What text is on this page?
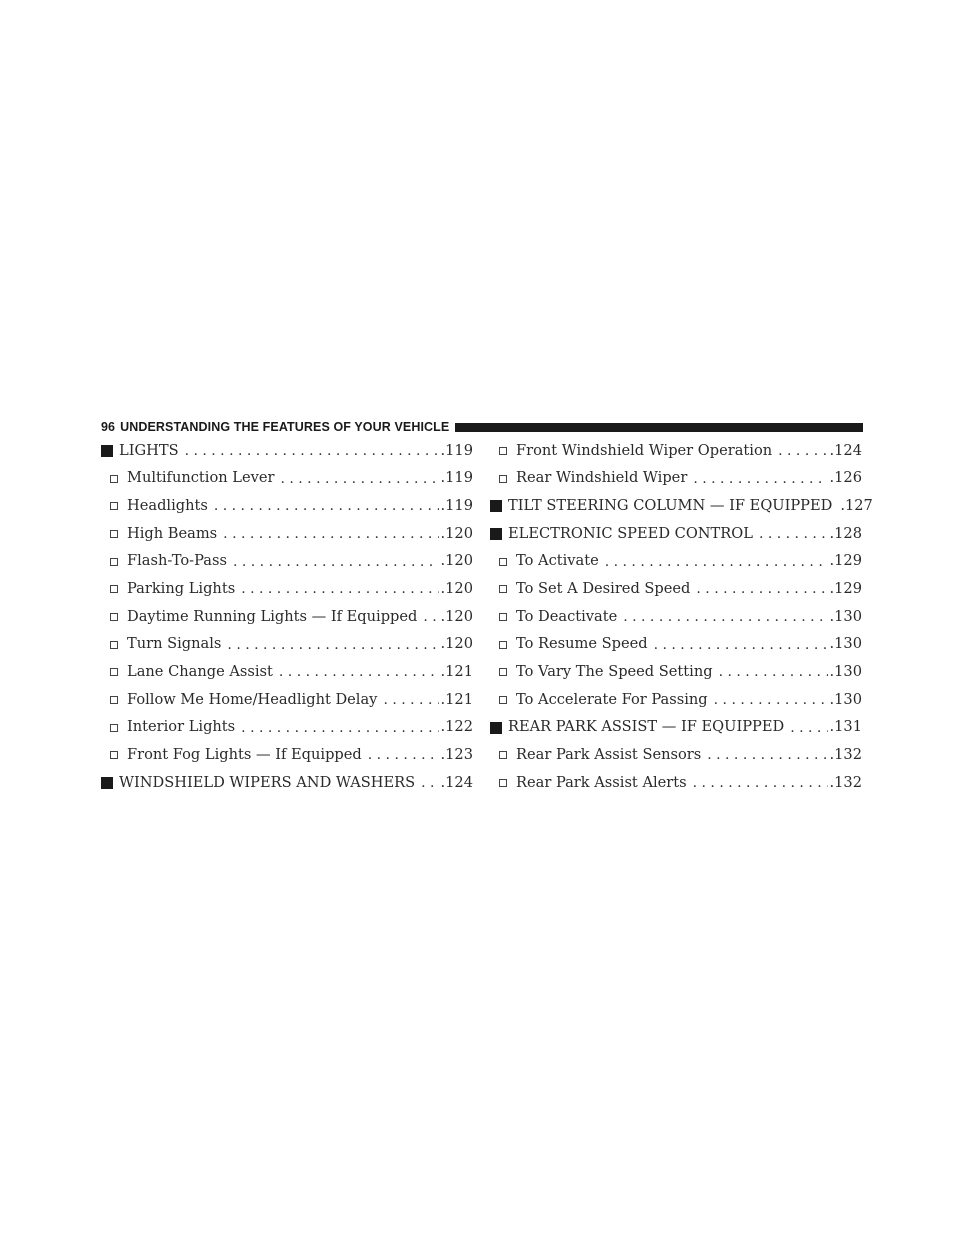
96 UNDERSTANDING THE FEATURES OF YOUR VEHICLE
LIGHTS . . .	.119
Multifunction Lever . . .	.119
Headlights . . .	.119
High Beams . . .	.120
Flash-To-Pass . . .	.120
Parking Lights . . .	.120
Daytime Running Lights — If Equipped . . . .120
Turn Signals . . .	.120
Lane Change Assist . . .	.121
Follow Me Home/Headlight Delay . . .	.121
Interior Lights . . .	.122
Front Fog Lights — If Equipped . . .	.123
WINDSHIELD WIPERS AND WASHERS . . . .124
Front Windshield Wiper Operation . . .	.124
Rear Windshield Wiper . . .	.126
TILT STEERING COLUMN — IF EQUIPPED .127
ELECTRONIC SPEED CONTROL . . .	.128
To Activate . . .	.129
To Set A Desired Speed . . .	.129
To Deactivate . . .	.130
To Resume Speed . . .	.130
To Vary The Speed Setting . . .	.130
To Accelerate For Passing . . .	.130
REAR PARK ASSIST — IF EQUIPPED . . .	.131
Rear Park Assist Sensors . . .	.132
Rear Park Assist Alerts . . .	.132
